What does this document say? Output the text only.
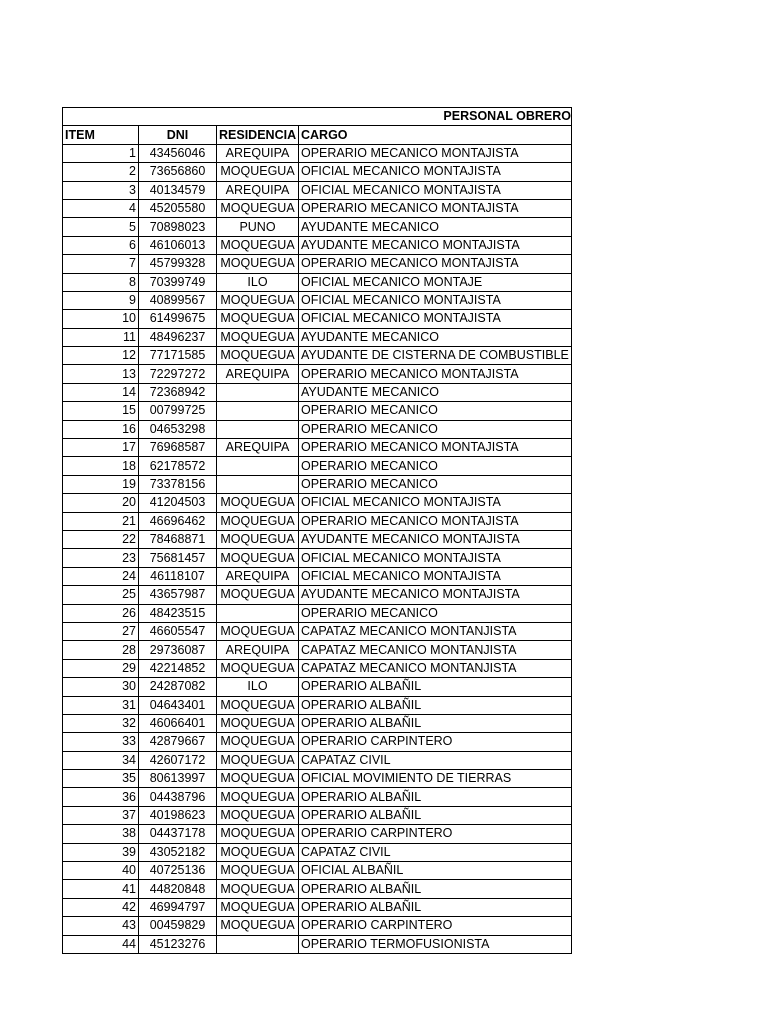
PERSONAL OBRERO			
ITEM	DNI	RESIDENCIA	CARGO
1	43456046	AREQUIPA	OPERARIO MECANICO MONTAJISTA
2	73656860	MOQUEGUA	OFICIAL MECANICO MONTAJISTA
3	40134579	AREQUIPA	OFICIAL MECANICO MONTAJISTA
4	45205580	MOQUEGUA	OPERARIO MECANICO MONTAJISTA
5	70898023	PUNO	AYUDANTE MECANICO
6	46106013	MOQUEGUA	AYUDANTE MECANICO MONTAJISTA
7	45799328	MOQUEGUA	OPERARIO MECANICO MONTAJISTA
8	70399749	ILO	OFICIAL MECANICO MONTAJE
9	40899567	MOQUEGUA	OFICIAL MECANICO MONTAJISTA
10	61499675	MOQUEGUA	OFICIAL MECANICO MONTAJISTA
11	48496237	MOQUEGUA	AYUDANTE MECANICO
12	77171585	MOQUEGUA	AYUDANTE DE CISTERNA DE COMBUSTIBLE
13	72297272	AREQUIPA	OPERARIO MECANICO MONTAJISTA
14	72368942		AYUDANTE MECANICO
15	00799725		OPERARIO MECANICO
16	04653298		OPERARIO MECANICO
17	76968587	AREQUIPA	OPERARIO MECANICO MONTAJISTA
18	62178572		OPERARIO MECANICO
19	73378156		OPERARIO MECANICO
20	41204503	MOQUEGUA	OFICIAL MECANICO MONTAJISTA
21	46696462	MOQUEGUA	OPERARIO MECANICO MONTAJISTA
22	78468871	MOQUEGUA	AYUDANTE MECANICO MONTAJISTA
23	75681457	MOQUEGUA	OFICIAL MECANICO MONTAJISTA
24	46118107	AREQUIPA	OFICIAL MECANICO MONTAJISTA
25	43657987	MOQUEGUA	AYUDANTE MECANICO MONTAJISTA
26	48423515		OPERARIO MECANICO
27	46605547	MOQUEGUA	CAPATAZ MECANICO MONTANJISTA
28	29736087	AREQUIPA	CAPATAZ MECANICO MONTANJISTA
29	42214852	MOQUEGUA	CAPATAZ MECANICO MONTANJISTA
30	24287082	ILO	OPERARIO ALBAÑIL
31	04643401	MOQUEGUA	OPERARIO ALBAÑIL
32	46066401	MOQUEGUA	OPERARIO ALBAÑIL
33	42879667	MOQUEGUA	OPERARIO CARPINTERO
34	42607172	MOQUEGUA	CAPATAZ CIVIL
35	80613997	MOQUEGUA	OFICIAL MOVIMIENTO DE TIERRAS
36	04438796	MOQUEGUA	OPERARIO ALBAÑIL
37	40198623	MOQUEGUA	OPERARIO ALBAÑIL
38	04437178	MOQUEGUA	OPERARIO CARPINTERO
39	43052182	MOQUEGUA	CAPATAZ CIVIL
40	40725136	MOQUEGUA	OFICIAL ALBAÑIL
41	44820848	MOQUEGUA	OPERARIO ALBAÑIL
42	46994797	MOQUEGUA	OPERARIO ALBAÑIL
43	00459829	MOQUEGUA	OPERARIO CARPINTERO
44	45123276		OPERARIO TERMOFUSIONISTA
